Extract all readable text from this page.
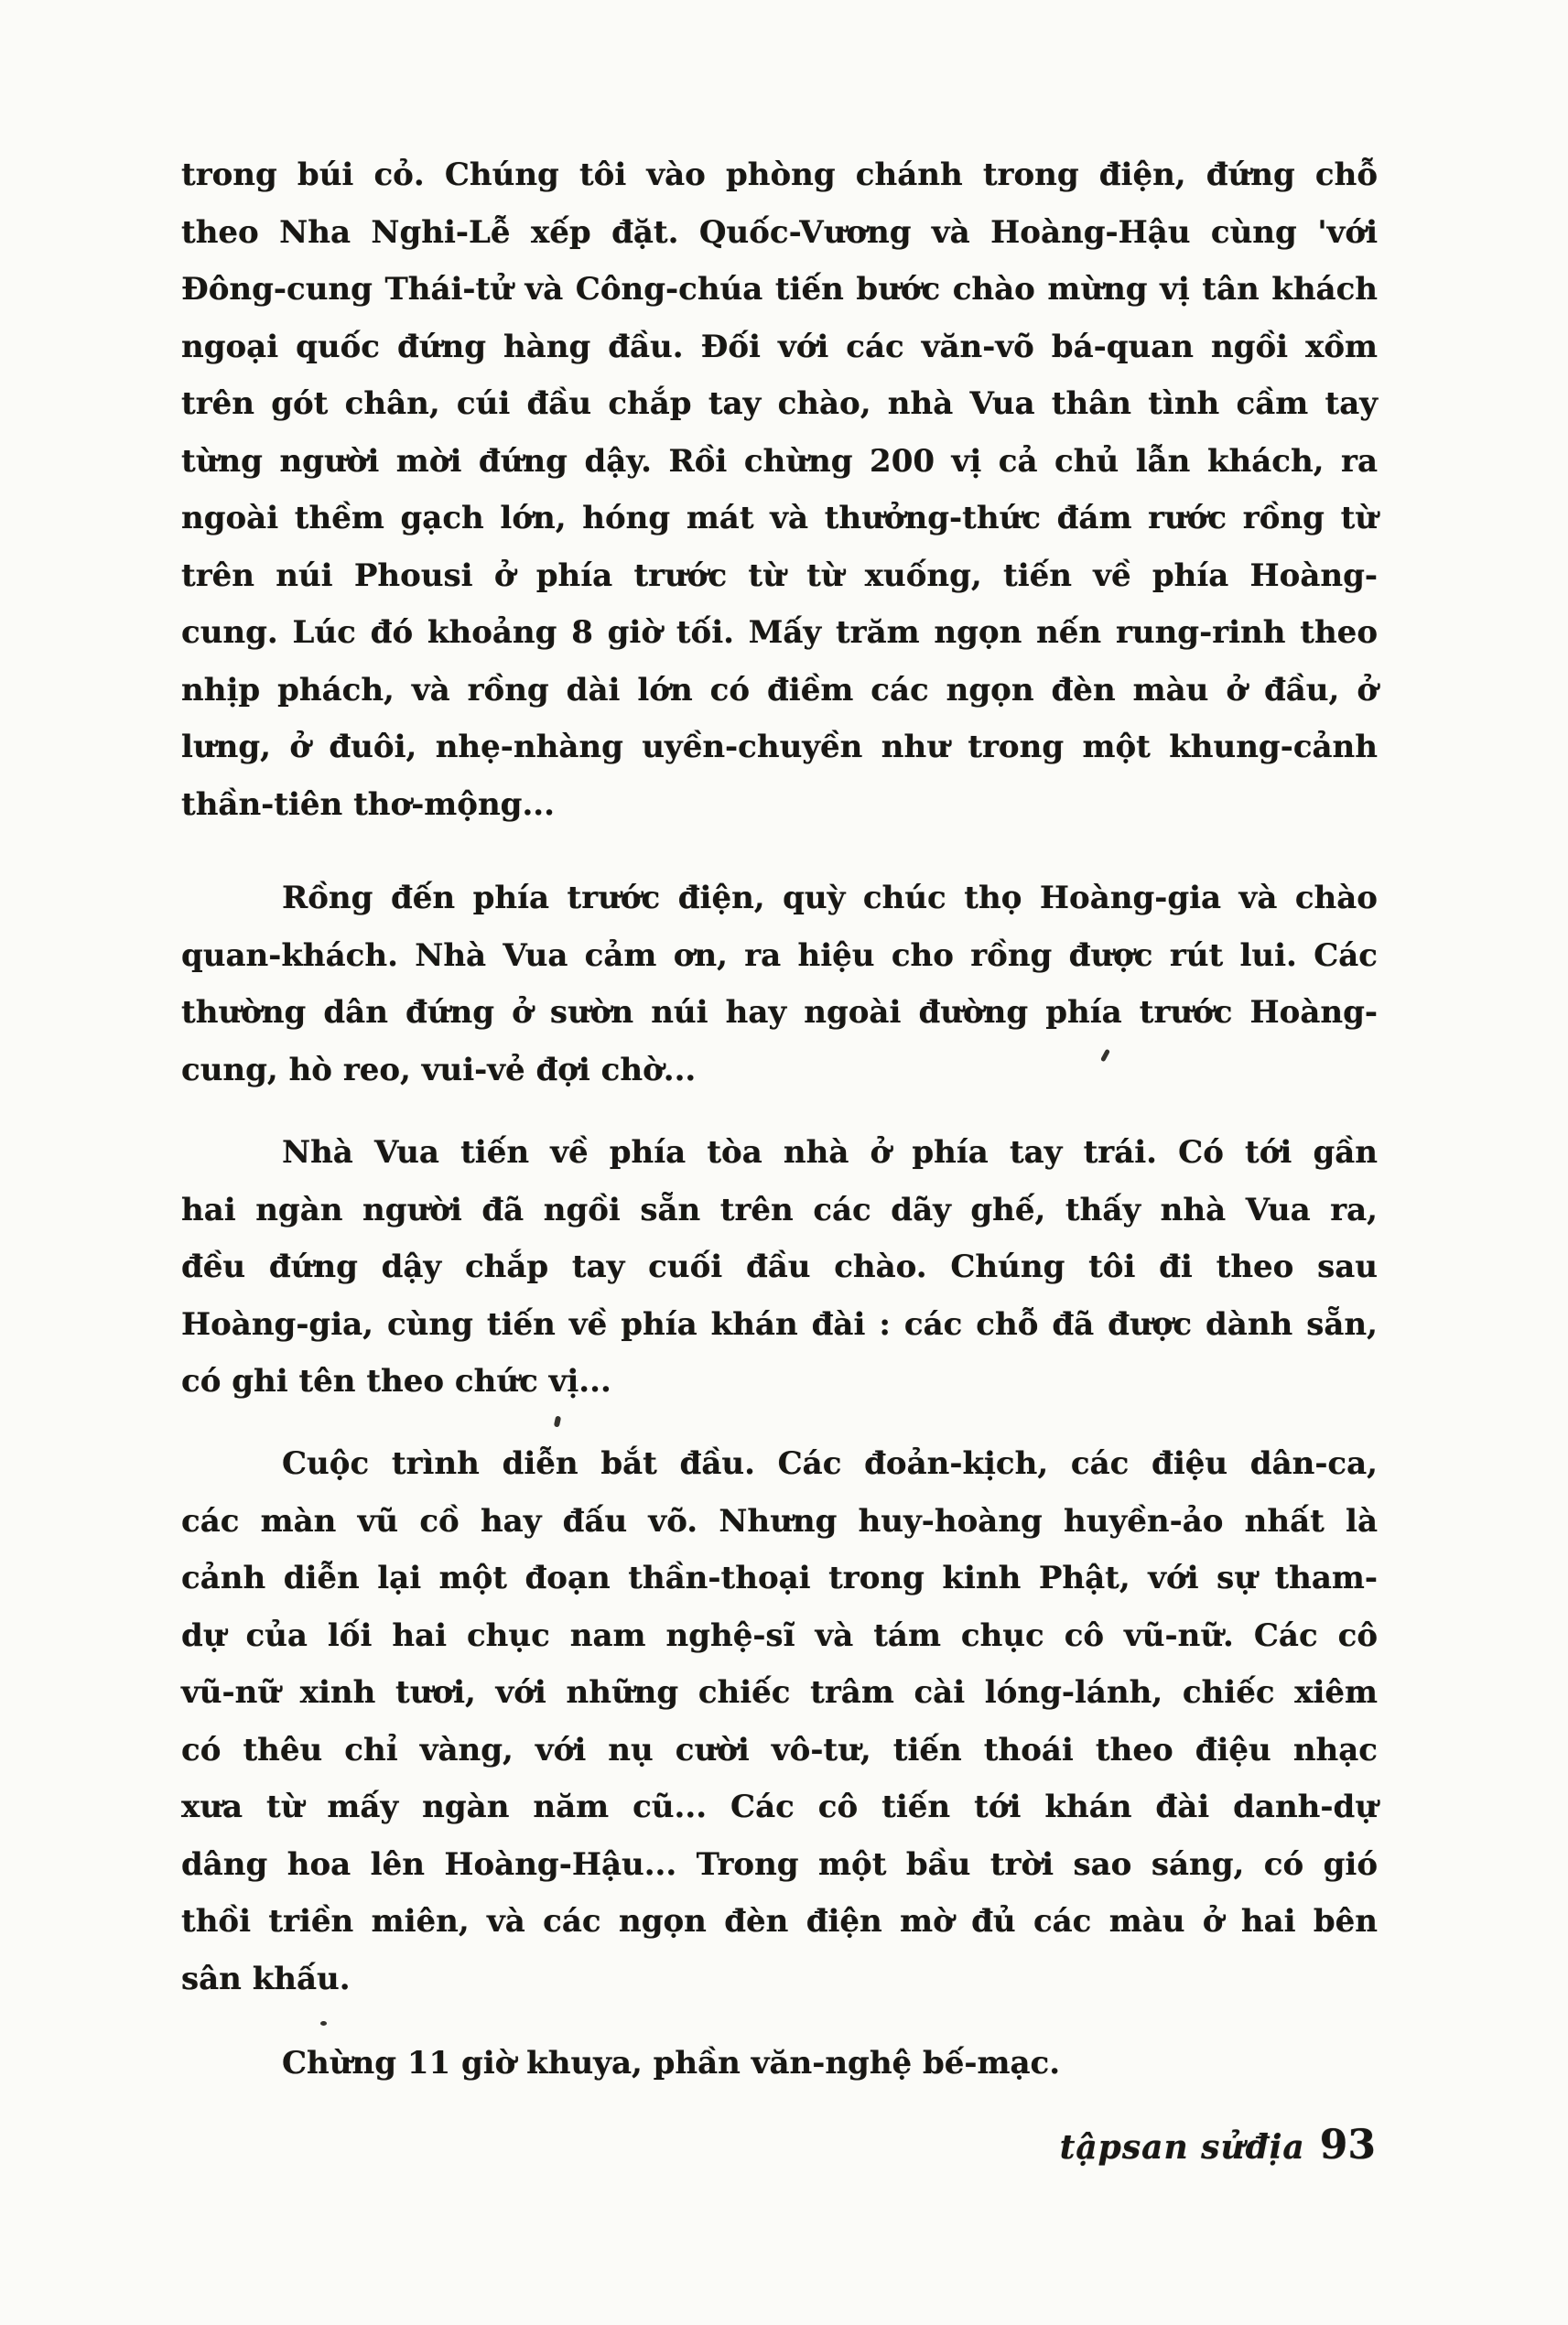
trong búi cỏ. Chúng tôi vào phòng chánh trong điện, đứng chỗ
theo Nha Nghi-Lễ xếp đặt. Quốc-Vương và Hoàng-Hậu cùng 'với
Đông-cung Thái-tử và Công-chúa tiến bước chào mừng vị tân khách
ngoại quốc đứng hàng đầu. Đối với các văn-võ bá-quan ngồi xồm
trên gót chân, cúi đầu chắp tay chào, nhà Vua thân tình cầm tay
từng người mời đứng dậy. Rồi chừng 200 vị cả chủ lẫn khách, ra
ngoài thềm gạch lớn, hóng mát và thưởng-thức đám rước rồng từ
trên núi Phousi ở phía trước từ từ xuống, tiến về phía Hoàng-
cung. Lúc đó khoảng 8 giờ tối. Mấy trăm ngọn nến rung-rinh theo
nhịp phách, và rồng dài lớn có điềm các ngọn đèn màu ở đầu, ở
lưng, ở đuôi, nhẹ-nhàng uyền-chuyền như trong một khung-cảnh
thần-tiên thơ-mộng...
Rồng đến phía trước điện, quỳ chúc thọ Hoàng-gia và chào
quan-khách. Nhà Vua cảm ơn, ra hiệu cho rồng được rút lui. Các
thường dân đứng ở sườn núi hay ngoài đường phía trước Hoàng-
cung, hò reo, vui-vẻ đợi chờ...
Nhà Vua tiến về phía tòa nhà ở phía tay trái. Có tới gần
hai ngàn người đã ngồi sẵn trên các dãy ghế, thấy nhà Vua ra,
đều đứng dậy chắp tay cuối đầu chào. Chúng tôi đi theo sau
Hoàng-gia, cùng tiến về phía khán đài : các chỗ đã được dành sẵn,
có ghi tên theo chức vị...
Cuộc trình diễn bắt đầu. Các đoản-kịch, các điệu dân-ca,
các màn vũ cồ hay đấu võ. Nhưng huy-hoàng huyền-ảo nhất là
cảnh diễn lại một đoạn thần-thoại trong kinh Phật, với sự tham-
dự của lối hai chục nam nghệ-sĩ và tám chục cô vũ-nữ. Các cô
vũ-nữ xinh tươi, với những chiếc trâm cài lóng-lánh, chiếc xiêm
có thêu chỉ vàng, với nụ cười vô-tư, tiến thoái theo điệu nhạc
xưa từ mấy ngàn năm cũ... Các cô tiến tới khán đài danh-dự
dâng hoa lên Hoàng-Hậu... Trong một bầu trời sao sáng, có gió
thồi triền miên, và các ngọn đèn điện mờ đủ các màu ở hai bên
sân khấu.
Chừng 11 giờ khuya, phần văn-nghệ bế-mạc.
tậpsan sửđịa 93
